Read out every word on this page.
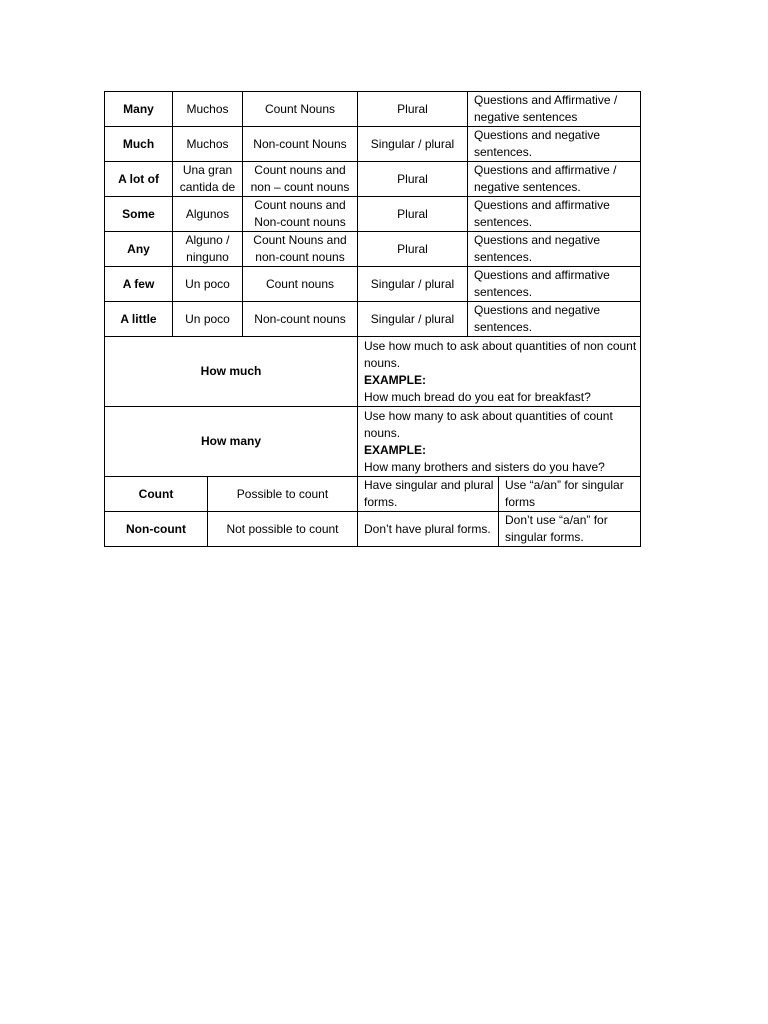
Many	Muchos		Count Nouns	Plural	Questions and Affirmative / negative sentences	
Much	Muchos		Non-count Nouns	Singular / plural	Questions and negative sentences.	
A lot of	Una gran cantida de		Count nouns and non – count nouns	Plural	Questions and affirmative / negative sentences.	
Some	Algunos		Count nouns and Non-count nouns	Plural	Questions and affirmative sentences.	
Any	Alguno / ninguno		Count Nouns and non-count nouns	Plural	Questions and negative sentences.	
A few	Un poco		Count nouns	Singular / plural	Questions and affirmative sentences.	
A little	Un poco		Non-count nouns	Singular / plural	Questions and negative sentences.	
How much				Use how much to ask about quantities of non count nouns.
EXAMPLE:
How much bread do you eat for breakfast?		

How many				Use how many to ask about quantities of count nouns.
EXAMPLE:
How many brothers and sisters do you have?		

Count		Possible to count		Have singular and plural forms.		Use “a/an” for singular forms
Non-count		Not possible to count		Don’t have plural forms.		Don’t use “a/an” for singular forms.
